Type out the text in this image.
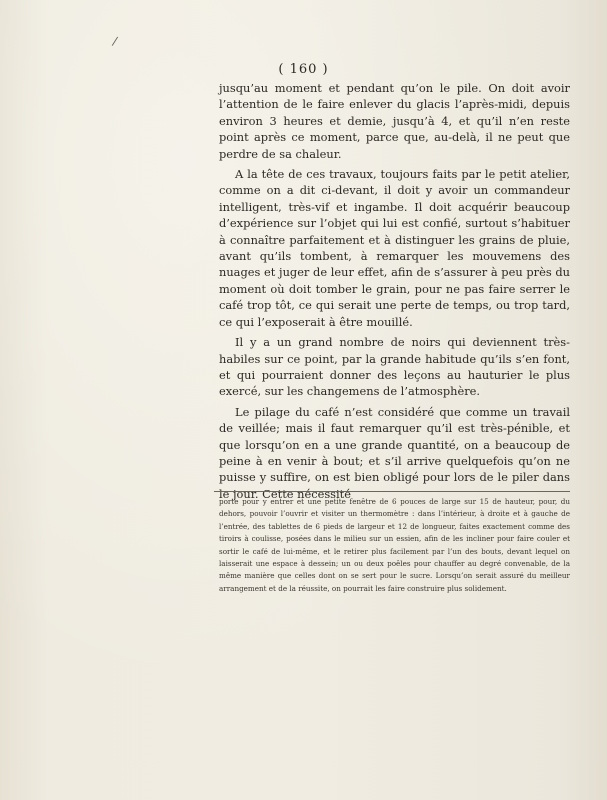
/
( 160 )

jusqu’au moment et pendant qu’on le pile. On doit avoir l’attention de le faire enlever du glacis l’après-midi, depuis environ 3 heures et demie, jusqu’à 4, et qu’il n’en reste point après ce moment, parce que, au-delà, il ne peut que perdre de sa chaleur.

A la tête de ces travaux, toujours faits par le petit atelier, comme on a dit ci-devant, il doit y avoir un commandeur intelligent, très-vif et ingambe. Il doit acquérir beaucoup d’expérience sur l’objet qui lui est confié, surtout s’habituer à connaître parfaitement et à distinguer les grains de pluie, avant qu’ils tombent, à remarquer les mouvemens des nuages et juger de leur effet, afin de s’assurer à peu près du moment où doit tomber le grain, pour ne pas faire serrer le café trop tôt, ce qui serait une perte de temps, ou trop tard, ce qui l’exposerait à être mouillé.

Il y a un grand nombre de noirs qui deviennent très-habiles sur ce point, par la grande habitude qu’ils s’en font, et qui pourraient donner des leçons au hauturier le plus exercé, sur les changemens de l’atmosphère.

Le pilage du café n’est considéré que comme un travail de veillée; mais il faut remarquer qu’il est très-pénible, et que lorsqu’on en a une grande quantité, on a beaucoup de peine à en venir à bout; et s’il arrive quelquefois qu’on ne puisse y suffire, on est bien obligé pour lors de le piler dans le jour. Cette nécessité

porte pour y entrer et une petite fenêtre de 6 pouces de large sur 15 de hauteur, pour, du dehors, pouvoir l’ouvrir et visiter un thermomètre : dans l’intérieur, à droite et à gauche de l’entrée, des tablettes de 6 pieds de largeur et 12 de longueur, faites exactement comme des tiroirs à coulisse, posées dans le milieu sur un essien, afin de les incliner pour faire couler et sortir le café de lui-même, et le retirer plus facilement par l’un des bouts, devant lequel on laisserait une espace à dessein; un ou deux poêles pour chauffer au degré convenable, de la même manière que celles dont on se sert pour le sucre. Lorsqu’on serait assuré du meilleur arrangement et de la réussite, on pourrait les faire construire plus solidement.
